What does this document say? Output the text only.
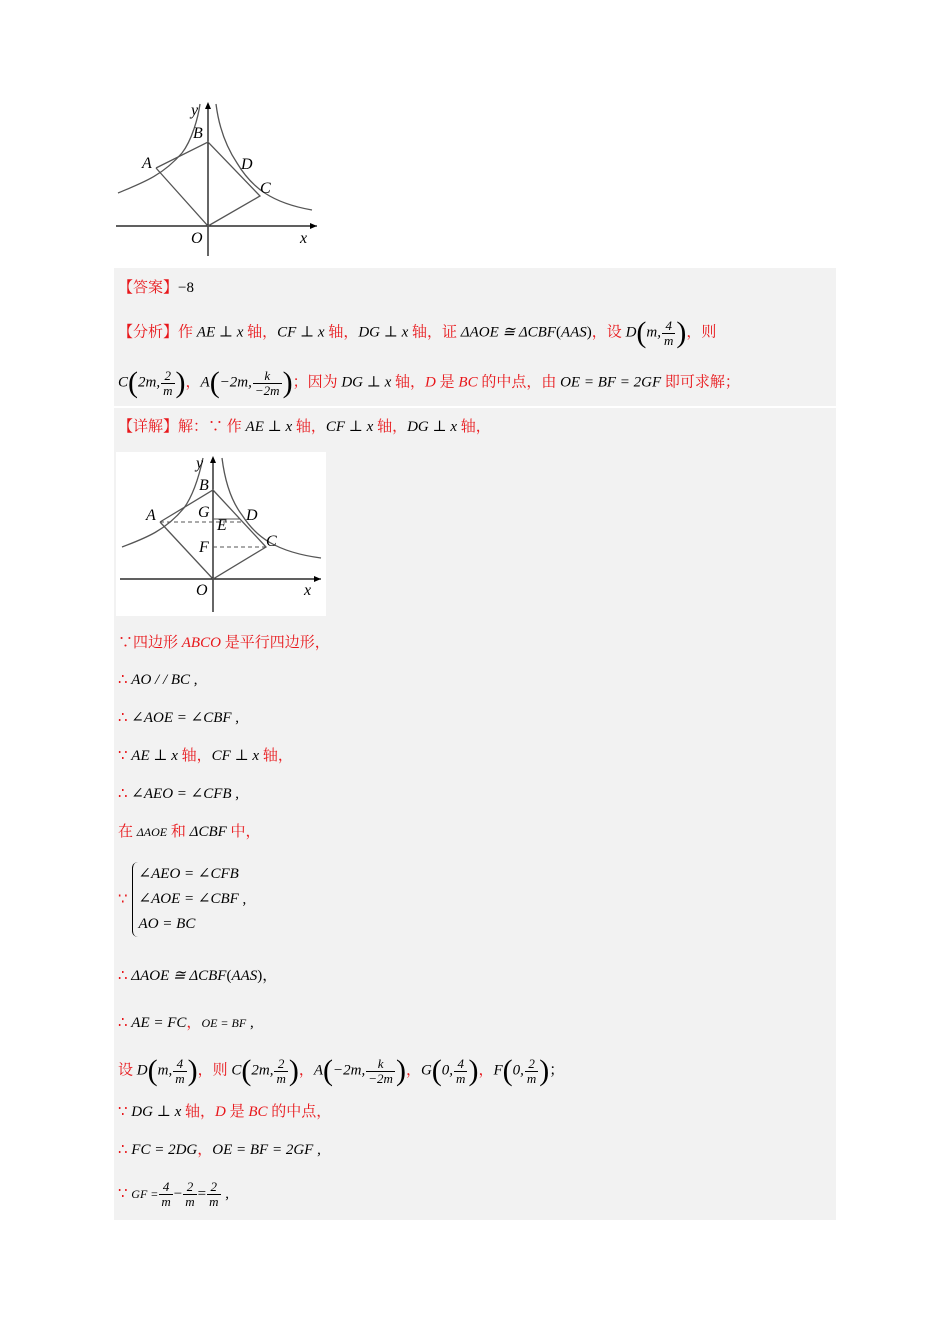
y
B
A	D
C
O	x
【答案】−8
【分析】作 AE ⊥ x 轴，CF ⊥ x 轴，DG ⊥ x 轴，证 ΔAOE ≅ ΔCBF(AAS)，设 D(m, $\frac{4}{m}$ )，则
C(2m, $\frac{2}{m}$ )，A(−2m, $\frac{k}{-2m}$ )；因为 DG ⊥ x 轴，D 是 BC 的中点，由 OE = BF = 2GF 即可求解；
【详解】解：∵ 作 AE ⊥ x 轴，CF ⊥ x 轴，DG ⊥ x 轴，
y
B
A	G
E
D
C
F
O	x
∵四边形 ABCO 是平行四边形，
∴ AO / / BC ,
∴ ∠AOE = ∠CBF ,
∵ AE ⊥ x 轴，CF ⊥ x 轴，
∴ ∠AEO = ∠CFB ,
在 ΔAOE 和 ΔCBF 中，
∵
∠AEO = ∠CFB
∠AOE = ∠CBF
AO = BC
,
∴ ΔAOE ≅ ΔCBF(AAS)，
∴ AE = FC，OE = BF ,
设 D(m, $\frac{4}{m}$ )，则 C(2m, $\frac{2}{m}$ )，A(−2m, $\frac{k}{-2m}$ )，G(0, $\frac{4}{m}$ )，F(0, $\frac{2}{m}$ )；
∵ DG ⊥ x 轴，D 是 BC 的中点，
∴ FC = 2DG，OE = BF = 2GF ,
∵ GF = $\frac{4}{m} - \frac{2}{m} = \frac{2}{m}$ ,
